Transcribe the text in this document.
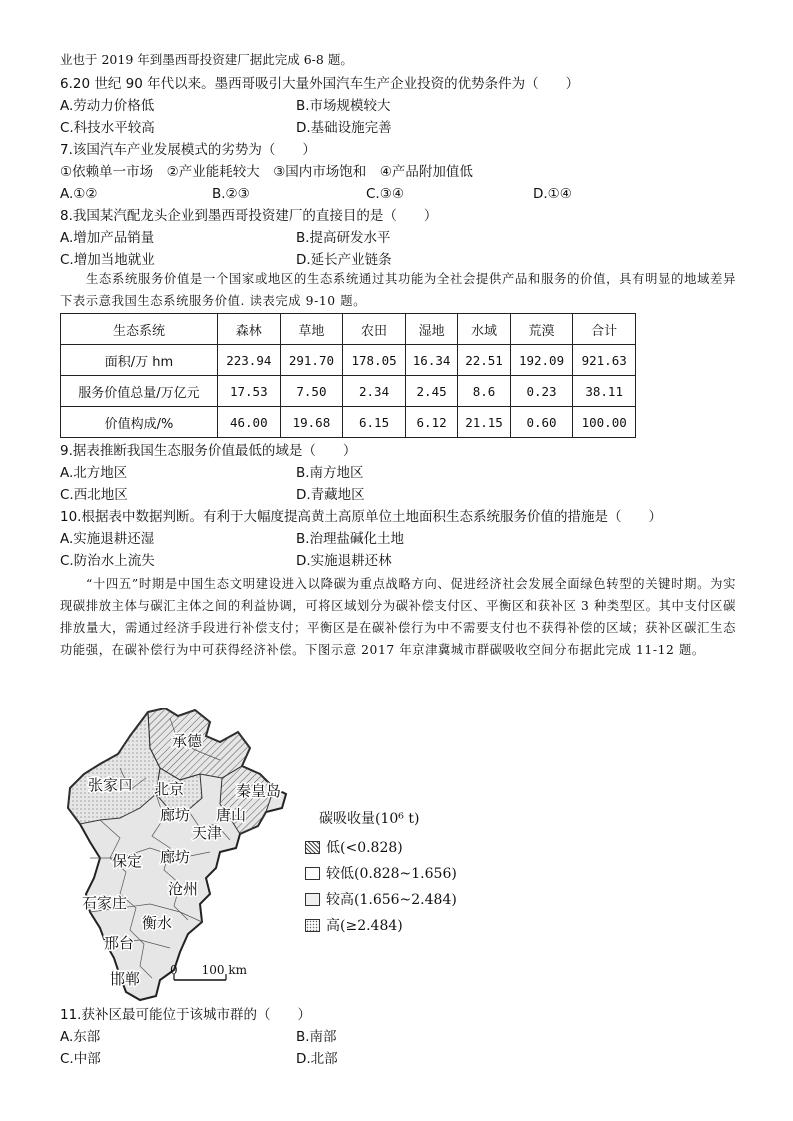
业也于 2019 年到墨西哥投资建厂据此完成 6-8 题。
6.20 世纪 90 年代以来。墨西哥吸引大量外国汽车生产企业投资的优势条件为（　　）
A.劳动力价格低	B.市场规模较大
C.科技水平较高	D.基础设施完善
7.该国汽车产业发展模式的劣势为（　　）
①依赖单一市场　②产业能耗较大　③国内市场饱和　④产品附加值低
A.①②	B.②③	C.③④	D.①④
8.我国某汽配龙头企业到墨西哥投资建厂的直接目的是（　　）
A.增加产品销量	B.提高研发水平
C.增加当地就业	D.延长产业链条
生态系统服务价值是一个国家或地区的生态系统通过其功能为全社会提供产品和服务的价值，具有明显的地域差异下表示意我国生态系统服务价值. 读表完成 9-10 题。
生态系统	森林	草地	农田	湿地	水域	荒漠	合计
面积/万 hm	223.94	291.70	178.05	16.34	22.51	192.09	921.63
服务价值总量/万亿元	17.53	7.50	2.34	2.45	8.6	0.23	38.11
价值构成/%	46.00	19.68	6.15	6.12	21.15	0.60	100.00
9.据表推断我国生态服务价值最低的域是（　　）
A.北方地区	B.南方地区
C.西北地区	D.青藏地区
10.根据表中数据判断。有利于大幅度提高黄土高原单位土地面积生态系统服务价值的措施是（　　）
A.实施退耕还湿	B.治理盐碱化土地
C.防治水上流失	D.实施退耕还林
“十四五”时期是中国生态文明建设进入以降碳为重点战略方向、促进经济社会发展全面绿色转型的关键时期。为实现碳排放主体与碳汇主体之间的利益协调，可将区域划分为碳补偿支付区、平衡区和获补区 3 种类型区。其中支付区碳排放量大，需通过经济手段进行补偿支付；平衡区是在碳补偿行为中不需要支付也不获得补偿的区域；获补区碳汇生态功能强，在碳补偿行为中可获得经济补偿。下图示意 2017 年京津冀城市群碳吸收空间分布据此完成 11-12 题。
承德
张家口 北京	秦皇岛
廊坊 唐山
天津
保定 廊坊
沧州
石家庄
衡水
邢台
邯郸 0　　100 km
碳吸收量(10⁶ t)
低(<0.828)
较低(0.828~1.656)
较高(1.656~2.484)
高(≥2.484)
11.获补区最可能位于该城市群的（　　）
A.东部	B.南部
C.中部	D.北部
